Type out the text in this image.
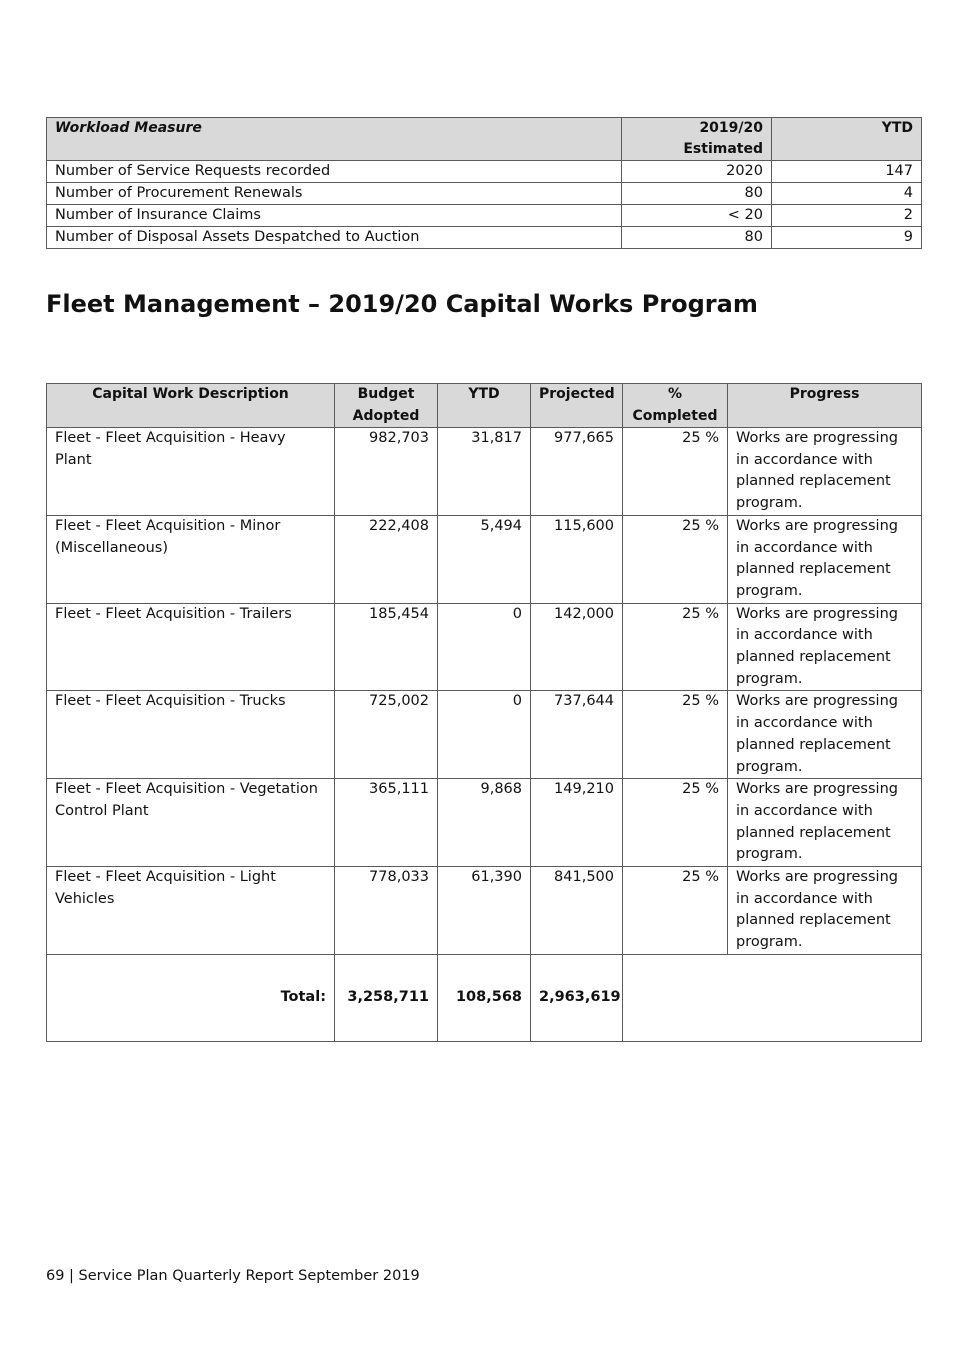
Workload Measure	2019/20 Estimated	YTD
Number of Service Requests recorded	2020	147
Number of Procurement Renewals	80	4
Number of Insurance Claims	< 20	2
Number of Disposal Assets Despatched to Auction	80	9
Fleet Management – 2019/20 Capital Works Program
Capital Work Description	Budget Adopted	YTD	Projected	% Completed	Progress
Fleet - Fleet Acquisition - Heavy Plant	982,703	31,817	977,665	25 %	Works are progressing in accordance with planned replacement program.
Fleet - Fleet Acquisition - Minor (Miscellaneous)	222,408	5,494	115,600	25 %	Works are progressing in accordance with planned replacement program.
Fleet - Fleet Acquisition - Trailers	185,454	0	142,000	25 %	Works are progressing in accordance with planned replacement program.
Fleet - Fleet Acquisition - Trucks	725,002	0	737,644	25 %	Works are progressing in accordance with planned replacement program.
Fleet - Fleet Acquisition - Vegetation Control Plant	365,111	9,868	149,210	25 %	Works are progressing in accordance with planned replacement program.
Fleet - Fleet Acquisition - Light Vehicles	778,033	61,390	841,500	25 %	Works are progressing in accordance with planned replacement program.
Total:	3,258,711	108,568	2,963,619		
69 | Service Plan Quarterly Report September 2019
